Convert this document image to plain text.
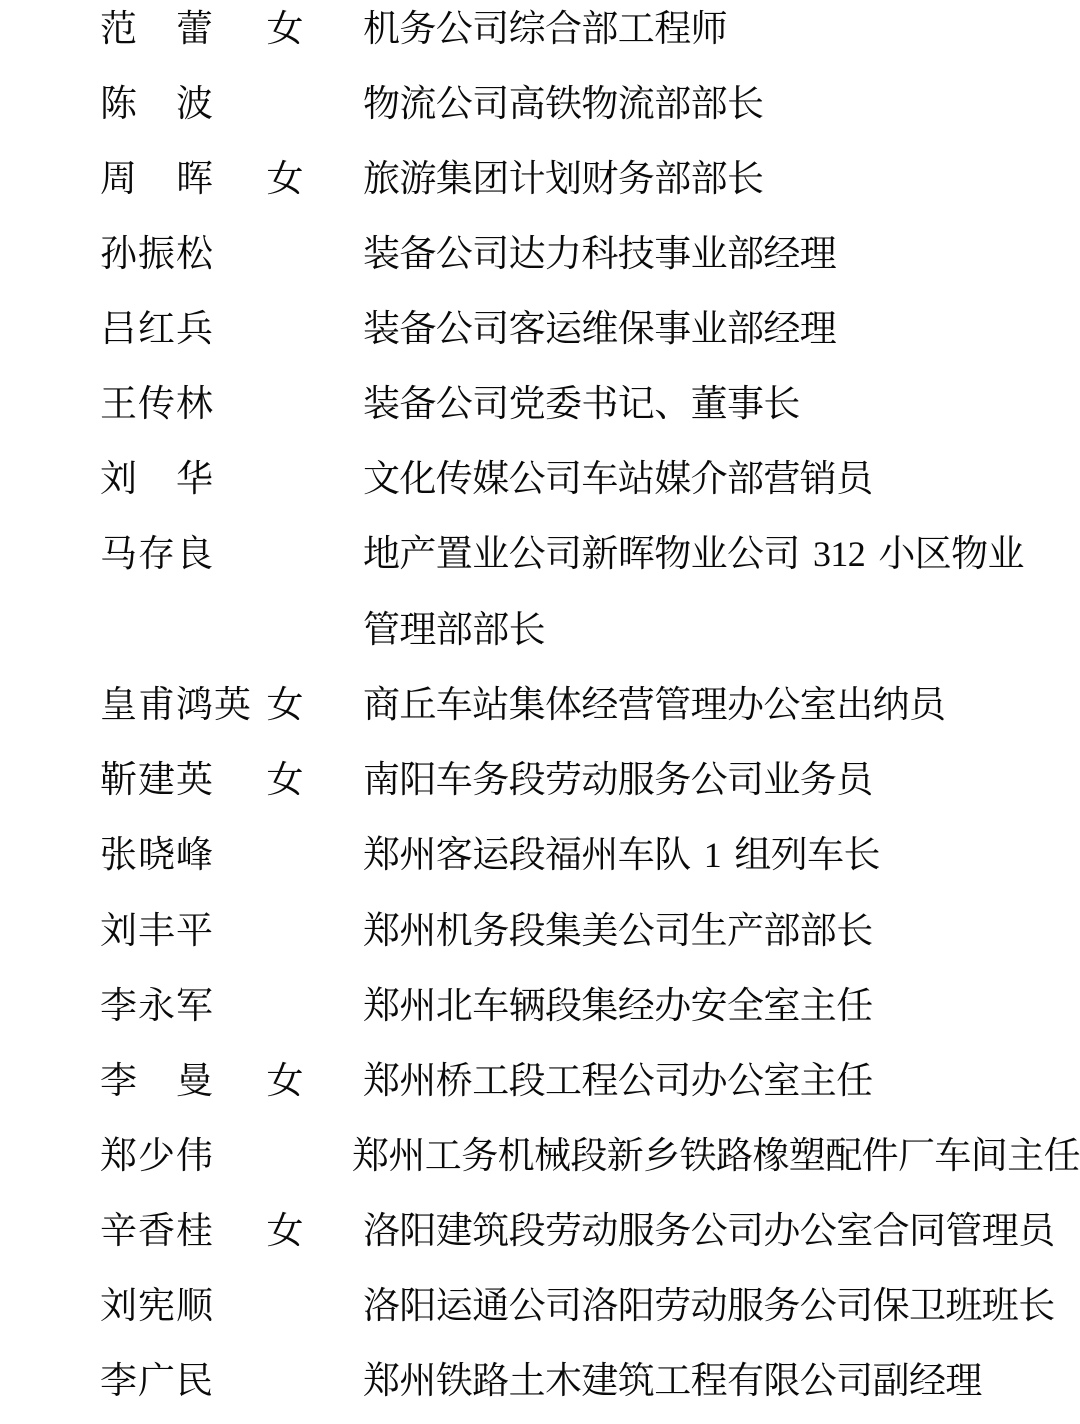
范　蕾	女	机务公司综合部工程师
陈　波	物流公司高铁物流部部长
周　晖	女	旅游集团计划财务部部长
孙振松	装备公司达力科技事业部经理
吕红兵	装备公司客运维保事业部经理
王传林	装备公司党委书记、董事长
刘　华	文化传媒公司车站媒介部营销员
马存良	地产置业公司新晖物业公司 312 小区物业
管理部部长
皇甫鸿英 女	商丘车站集体经营管理办公室出纳员
靳建英	女	南阳车务段劳动服务公司业务员
张晓峰	郑州客运段福州车队 1 组列车长
刘丰平	郑州机务段集美公司生产部部长
李永军	郑州北车辆段集经办安全室主任
李　曼	女	郑州桥工段工程公司办公室主任
郑少伟	郑州工务机械段新乡铁路橡塑配件厂车间主任
辛香桂	女	洛阳建筑段劳动服务公司办公室合同管理员
刘宪顺	洛阳运通公司洛阳劳动服务公司保卫班班长
李广民	郑州铁路土木建筑工程有限公司副经理
